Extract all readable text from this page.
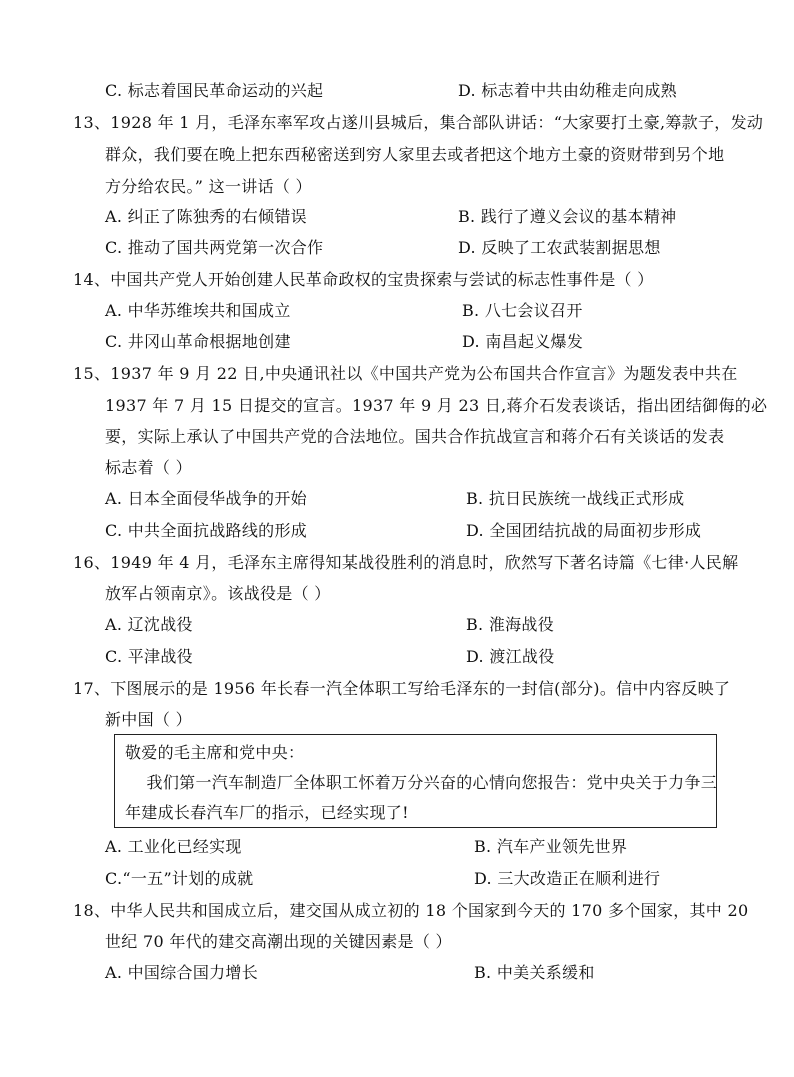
C. 标志着国民革命运动的兴起	D. 标志着中共由幼稚走向成熟
13、1928 年 1 月，毛泽东率军攻占遂川县城后，集合部队讲话：“大家要打土豪,筹款子，发动
群众，我们要在晚上把东西秘密送到穷人家里去或者把这个地方土豪的资财带到另个地
方分给农民。” 这一讲话（ ）
A. 纠正了陈独秀的右倾错误	B. 践行了遵义会议的基本精神
C. 推动了国共两党第一次合作	D. 反映了工农武装割据思想
14、中国共产党人开始创建人民革命政权的宝贵探索与尝试的标志性事件是（ ）
A. 中华苏维埃共和国成立	B. 八七会议召开
C. 井冈山革命根据地创建	D. 南昌起义爆发
15、1937 年 9 月 22 日,中央通讯社以《中国共产党为公布国共合作宣言》为题发表中共在
1937 年 7 月 15 日提交的宣言。1937 年 9 月 23 日,蒋介石发表谈话，指出团结御侮的必
要，实际上承认了中国共产党的合法地位。国共合作抗战宣言和蒋介石有关谈话的发表
标志着（ ）
A. 日本全面侵华战争的开始	B. 抗日民族统一战线正式形成
C. 中共全面抗战路线的形成	D. 全国团结抗战的局面初步形成
16、1949 年 4 月，毛泽东主席得知某战役胜利的消息时，欣然写下著名诗篇《七律·人民解
放军占领南京》。该战役是（ ）
A. 辽沈战役	B. 淮海战役
C. 平津战役	D. 渡江战役
17、下图展示的是 1956 年长春一汽全体职工写给毛泽东的一封信(部分)。信中内容反映了
新中国（ ）
敬爱的毛主席和党中央：
我们第一汽车制造厂全体职工怀着万分兴奋的心情向您报告：党中央关于力争三
年建成长春汽车厂的指示，已经实现了!
A. 工业化已经实现	B. 汽车产业领先世界
C.“一五”计划的成就	D. 三大改造正在顺利进行
18、中华人民共和国成立后，建交国从成立初的 18 个国家到今天的 170 多个国家，其中 20
世纪 70 年代的建交高潮出现的关键因素是（ ）
A. 中国综合国力增长	B. 中美关系缓和
